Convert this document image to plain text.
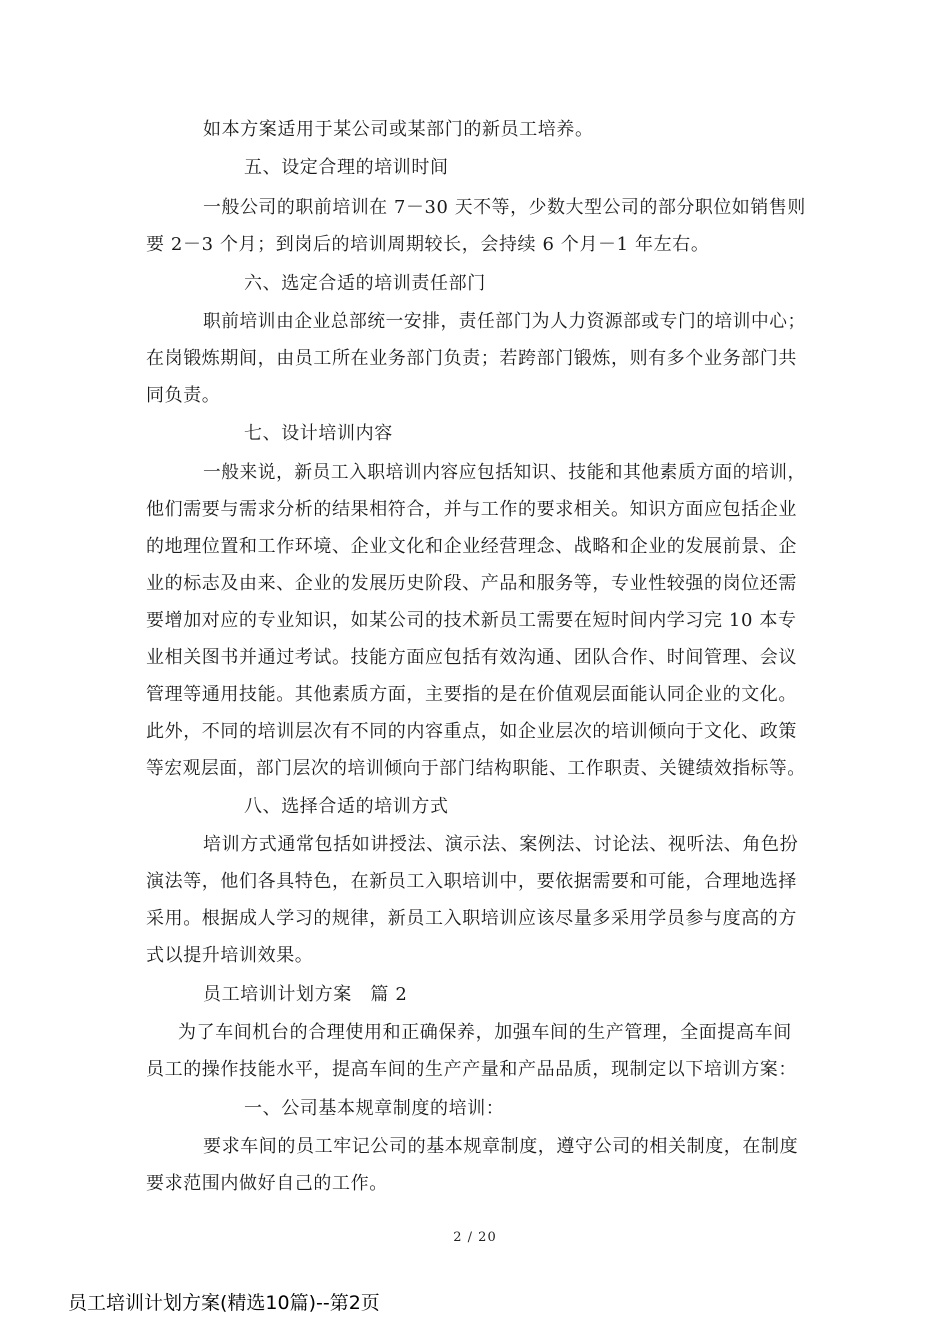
如本方案适用于某公司或某部门的新员工培养。
五、设定合理的培训时间
一般公司的职前培训在 7－30 天不等，少数大型公司的部分职位如销售则
要 2－3 个月；到岗后的培训周期较长，会持续 6 个月－1 年左右。
六、选定合适的培训责任部门
职前培训由企业总部统一安排，责任部门为人力资源部或专门的培训中心；
在岗锻炼期间，由员工所在业务部门负责；若跨部门锻炼，则有多个业务部门共
同负责。
七、设计培训内容
一般来说，新员工入职培训内容应包括知识、技能和其他素质方面的培训，
他们需要与需求分析的结果相符合，并与工作的要求相关。知识方面应包括企业
的地理位置和工作环境、企业文化和企业经营理念、战略和企业的发展前景、企
业的标志及由来、企业的发展历史阶段、产品和服务等，专业性较强的岗位还需
要增加对应的专业知识，如某公司的技术新员工需要在短时间内学习完 10 本专
业相关图书并通过考试。技能方面应包括有效沟通、团队合作、时间管理、会议
管理等通用技能。其他素质方面，主要指的是在价值观层面能认同企业的文化。
此外，不同的培训层次有不同的内容重点，如企业层次的培训倾向于文化、政策
等宏观层面，部门层次的培训倾向于部门结构职能、工作职责、关键绩效指标等。
八、选择合适的培训方式
培训方式通常包括如讲授法、演示法、案例法、讨论法、视听法、角色扮
演法等，他们各具特色，在新员工入职培训中，要依据需要和可能，合理地选择
采用。根据成人学习的规律，新员工入职培训应该尽量多采用学员参与度高的方
式以提升培训效果。
员工培训计划方案　篇 2
为了车间机台的合理使用和正确保养，加强车间的生产管理，全面提高车间
员工的操作技能水平，提高车间的生产产量和产品品质，现制定以下培训方案：
一、公司基本规章制度的培训：
要求车间的员工牢记公司的基本规章制度，遵守公司的相关制度，在制度
要求范围内做好自己的工作。
2 / 20
员工培训计划方案(精选10篇)--第2页
